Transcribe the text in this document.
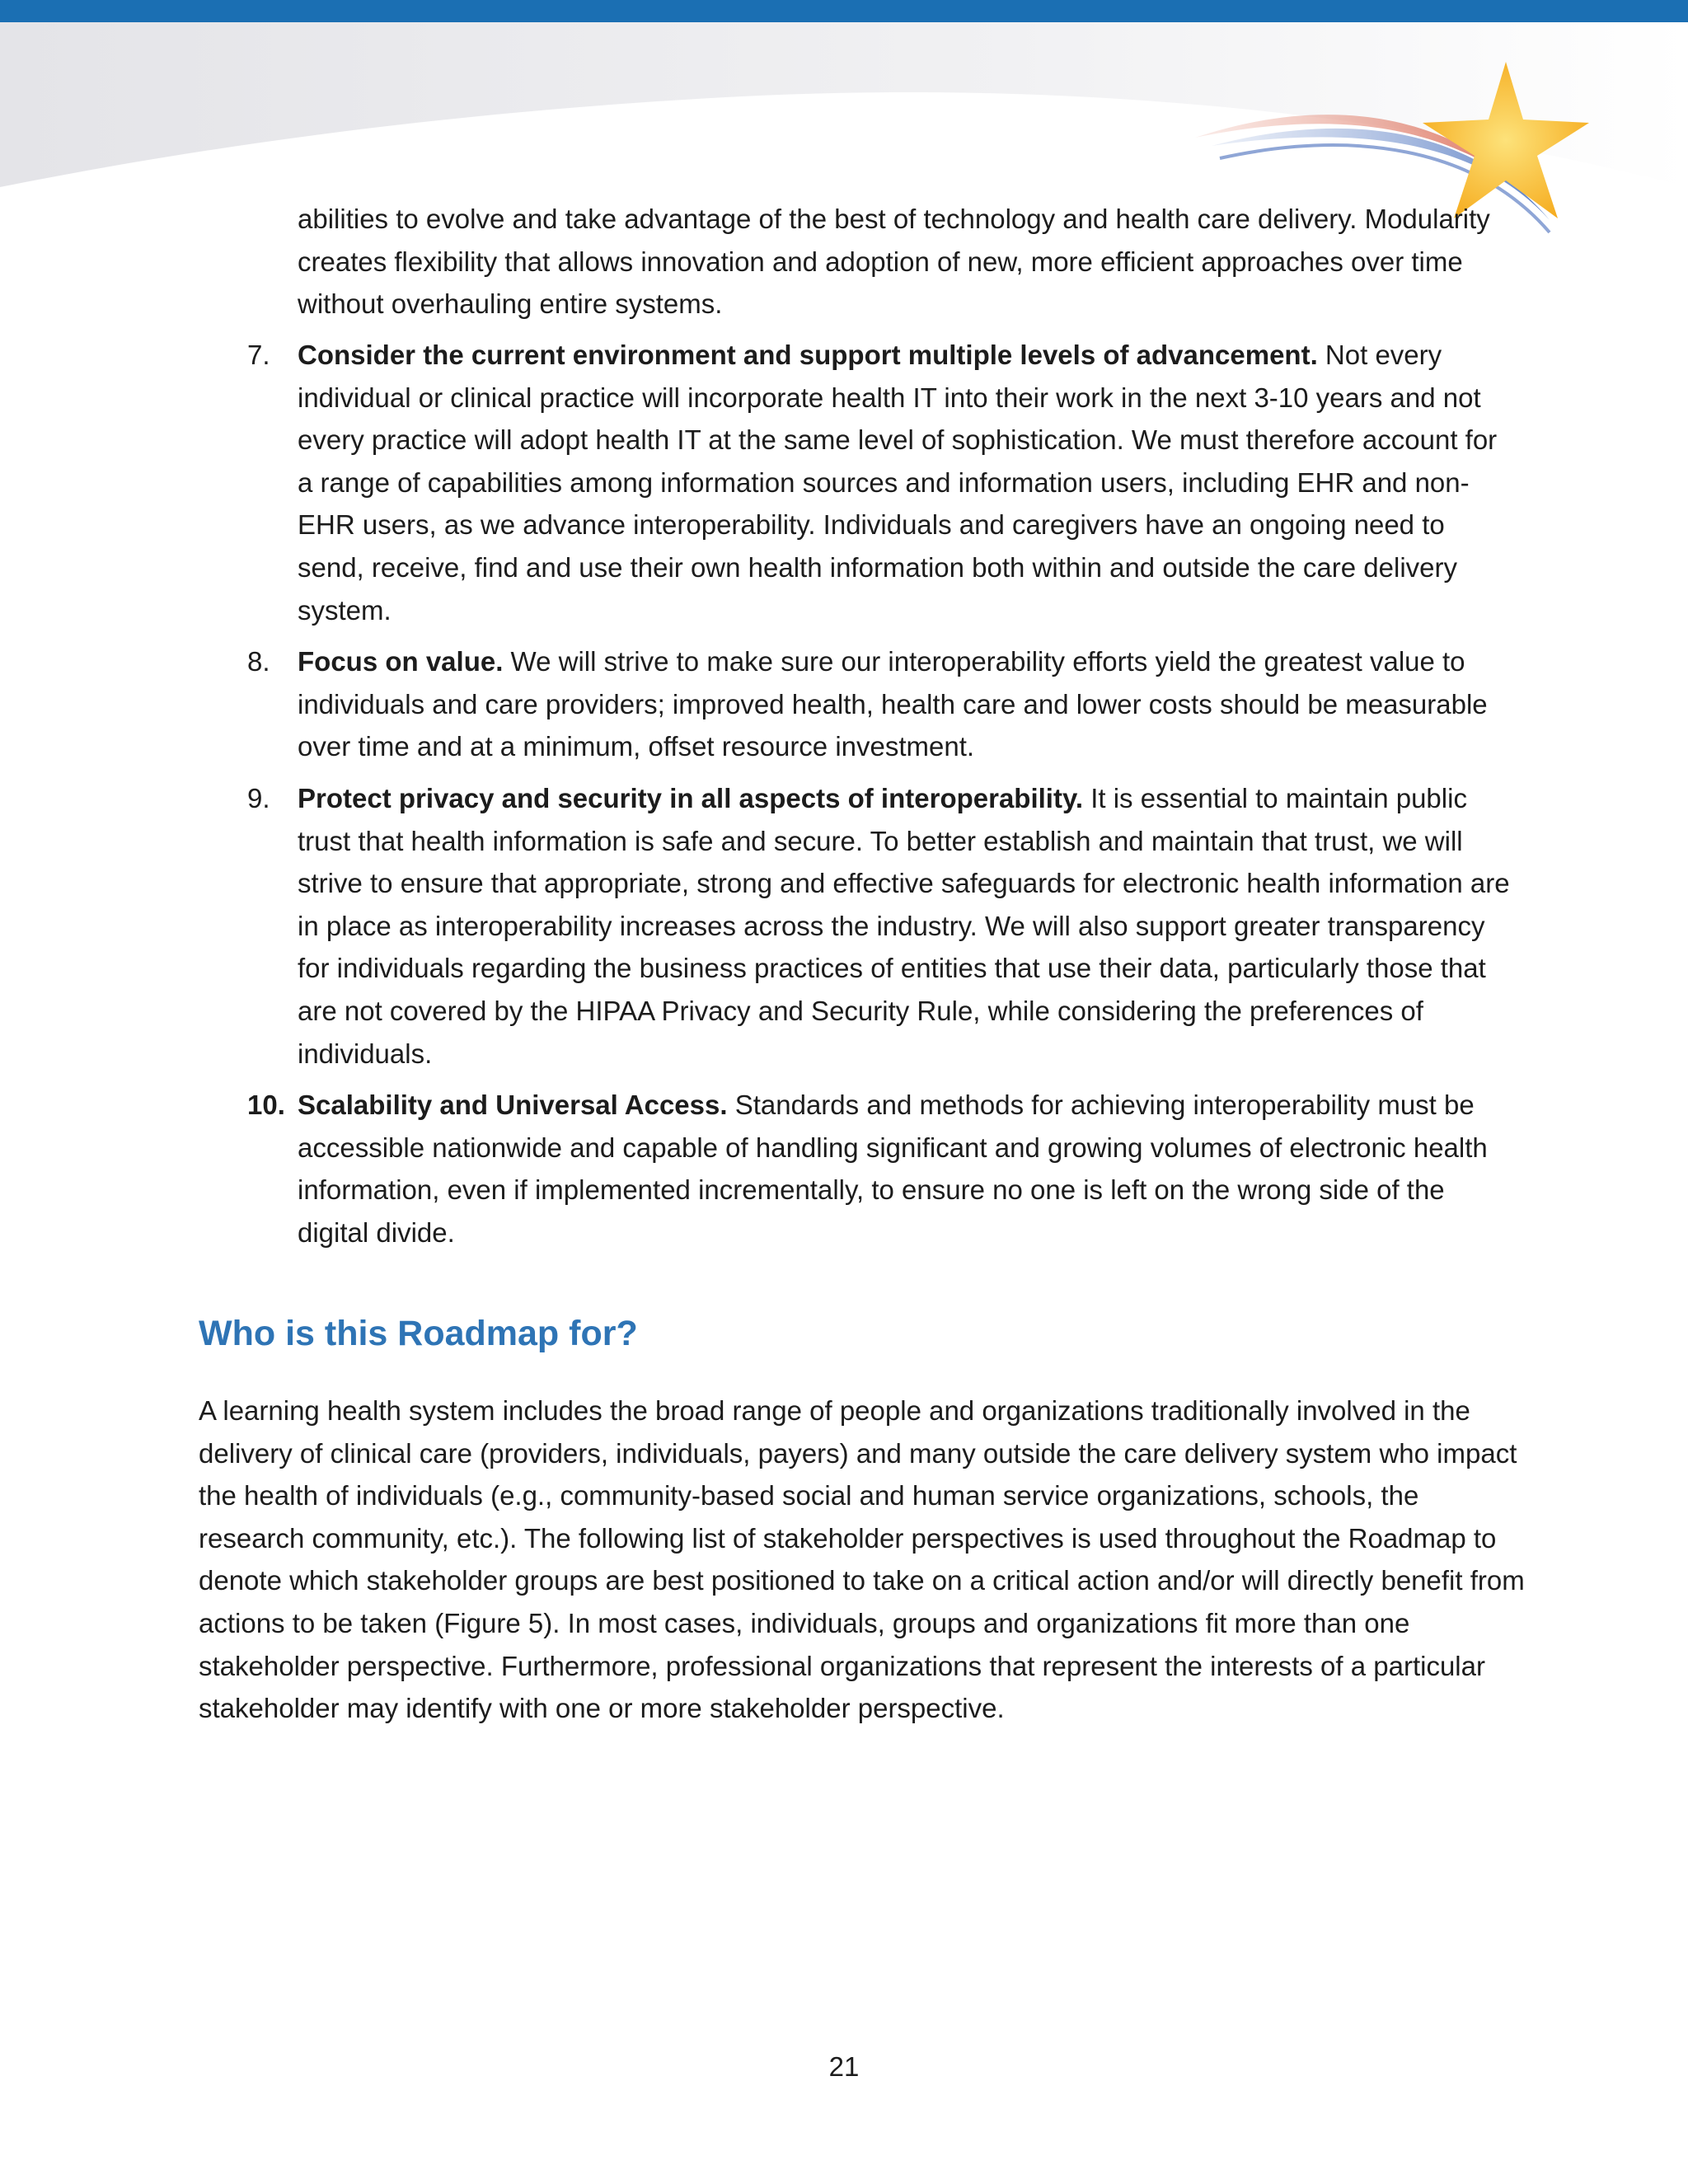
abilities to evolve and take advantage of the best of technology and health care delivery. Modularity creates flexibility that allows innovation and adoption of new, more efficient approaches over time without overhauling entire systems.

7.	Consider the current environment and support multiple levels of advancement. Not every individual or clinical practice will incorporate health IT into their work in the next 3-10 years and not every practice will adopt health IT at the same level of sophistication. We must therefore account for a range of capabilities among information sources and information users, including EHR and non-EHR users, as we advance interoperability. Individuals and caregivers have an ongoing need to send, receive, find and use their own health information both within and outside the care delivery system.

8.	Focus on value. We will strive to make sure our interoperability efforts yield the greatest value to individuals and care providers; improved health, health care and lower costs should be measurable over time and at a minimum, offset resource investment.

9.	Protect privacy and security in all aspects of interoperability. It is essential to maintain public trust that health information is safe and secure. To better establish and maintain that trust, we will strive to ensure that appropriate, strong and effective safeguards for electronic health information are in place as interoperability increases across the industry. We will also support greater transparency for individuals regarding the business practices of entities that use their data, particularly those that are not covered by the HIPAA Privacy and Security Rule, while considering the preferences of individuals.

10. Scalability and Universal Access. Standards and methods for achieving interoperability must be accessible nationwide and capable of handling significant and growing volumes of electronic health information, even if implemented incrementally, to ensure no one is left on the wrong side of the digital divide.

Who is this Roadmap for?

A learning health system includes the broad range of people and organizations traditionally involved in the delivery of clinical care (providers, individuals, payers) and many outside the care delivery system who impact the health of individuals (e.g., community-based social and human service organizations, schools, the research community, etc.). The following list of stakeholder perspectives is used throughout the Roadmap to denote which stakeholder groups are best positioned to take on a critical action and/or will directly benefit from actions to be taken (Figure 5). In most cases, individuals, groups and organizations fit more than one stakeholder perspective. Furthermore, professional organizations that represent the interests of a particular stakeholder may identify with one or more stakeholder perspective.

21
